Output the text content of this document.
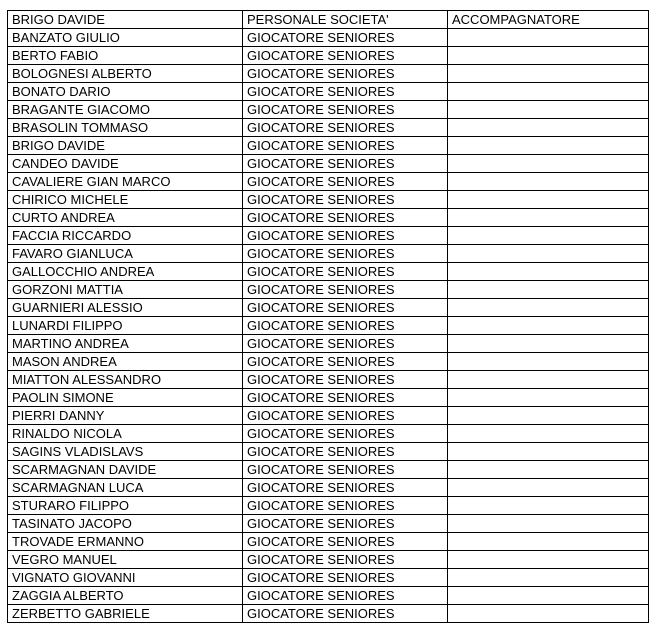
BRIGO DAVIDE	PERSONALE SOCIETA'	ACCOMPAGNATORE
BANZATO GIULIO	GIOCATORE SENIORES	
BERTO FABIO	GIOCATORE SENIORES	
BOLOGNESI ALBERTO	GIOCATORE SENIORES	
BONATO DARIO	GIOCATORE SENIORES	
BRAGANTE GIACOMO	GIOCATORE SENIORES	
BRASOLIN TOMMASO	GIOCATORE SENIORES	
BRIGO DAVIDE	GIOCATORE SENIORES	
CANDEO DAVIDE	GIOCATORE SENIORES	
CAVALIERE GIAN MARCO	GIOCATORE SENIORES	
CHIRICO MICHELE	GIOCATORE SENIORES	
CURTO ANDREA	GIOCATORE SENIORES	
FACCIA RICCARDO	GIOCATORE SENIORES	
FAVARO GIANLUCA	GIOCATORE SENIORES	
GALLOCCHIO ANDREA	GIOCATORE SENIORES	
GORZONI MATTIA	GIOCATORE SENIORES	
GUARNIERI ALESSIO	GIOCATORE SENIORES	
LUNARDI FILIPPO	GIOCATORE SENIORES	
MARTINO ANDREA	GIOCATORE SENIORES	
MASON ANDREA	GIOCATORE SENIORES	
MIATTON ALESSANDRO	GIOCATORE SENIORES	
PAOLIN SIMONE	GIOCATORE SENIORES	
PIERRI DANNY	GIOCATORE SENIORES	
RINALDO NICOLA	GIOCATORE SENIORES	
SAGINS VLADISLAVS	GIOCATORE SENIORES	
SCARMAGNAN DAVIDE	GIOCATORE SENIORES	
SCARMAGNAN LUCA	GIOCATORE SENIORES	
STURARO FILIPPO	GIOCATORE SENIORES	
TASINATO JACOPO	GIOCATORE SENIORES	
TROVADE ERMANNO	GIOCATORE SENIORES	
VEGRO MANUEL	GIOCATORE SENIORES	
VIGNATO GIOVANNI	GIOCATORE SENIORES	
ZAGGIA ALBERTO	GIOCATORE SENIORES	
ZERBETTO GABRIELE	GIOCATORE SENIORES	
